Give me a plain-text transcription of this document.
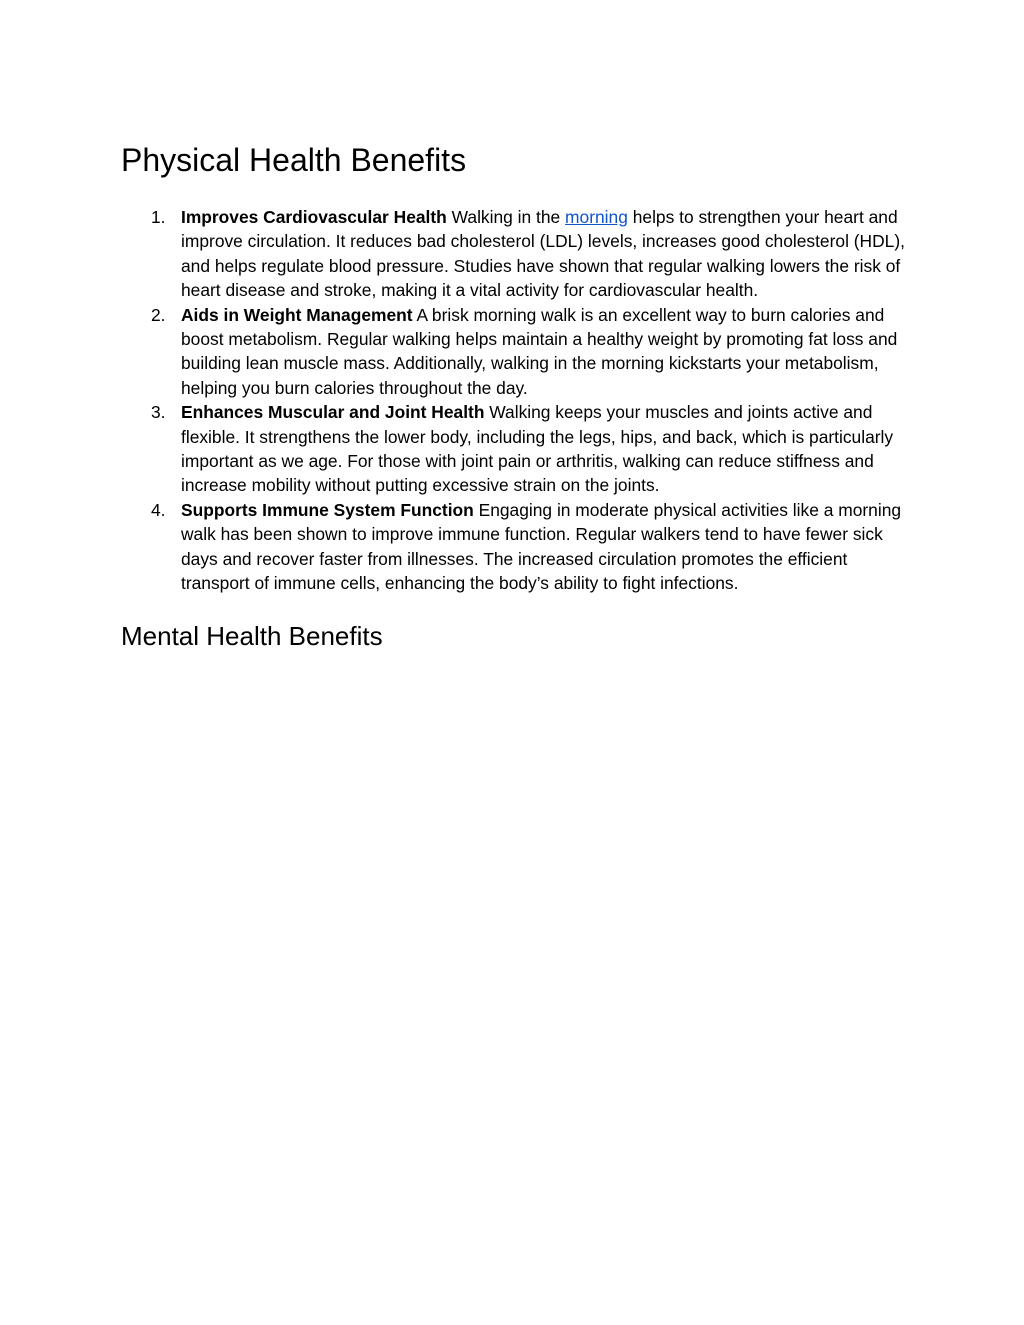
Physical Health Benefits
1. Improves Cardiovascular Health Walking in the morning helps to strengthen your heart and improve circulation. It reduces bad cholesterol (LDL) levels, increases good cholesterol (HDL), and helps regulate blood pressure. Studies have shown that regular walking lowers the risk of heart disease and stroke, making it a vital activity for cardiovascular health.
2. Aids in Weight Management A brisk morning walk is an excellent way to burn calories and boost metabolism. Regular walking helps maintain a healthy weight by promoting fat loss and building lean muscle mass. Additionally, walking in the morning kickstarts your metabolism, helping you burn calories throughout the day.
3. Enhances Muscular and Joint Health Walking keeps your muscles and joints active and flexible. It strengthens the lower body, including the legs, hips, and back, which is particularly important as we age. For those with joint pain or arthritis, walking can reduce stiffness and increase mobility without putting excessive strain on the joints.
4. Supports Immune System Function Engaging in moderate physical activities like a morning walk has been shown to improve immune function. Regular walkers tend to have fewer sick days and recover faster from illnesses. The increased circulation promotes the efficient transport of immune cells, enhancing the body’s ability to fight infections.
Mental Health Benefits
